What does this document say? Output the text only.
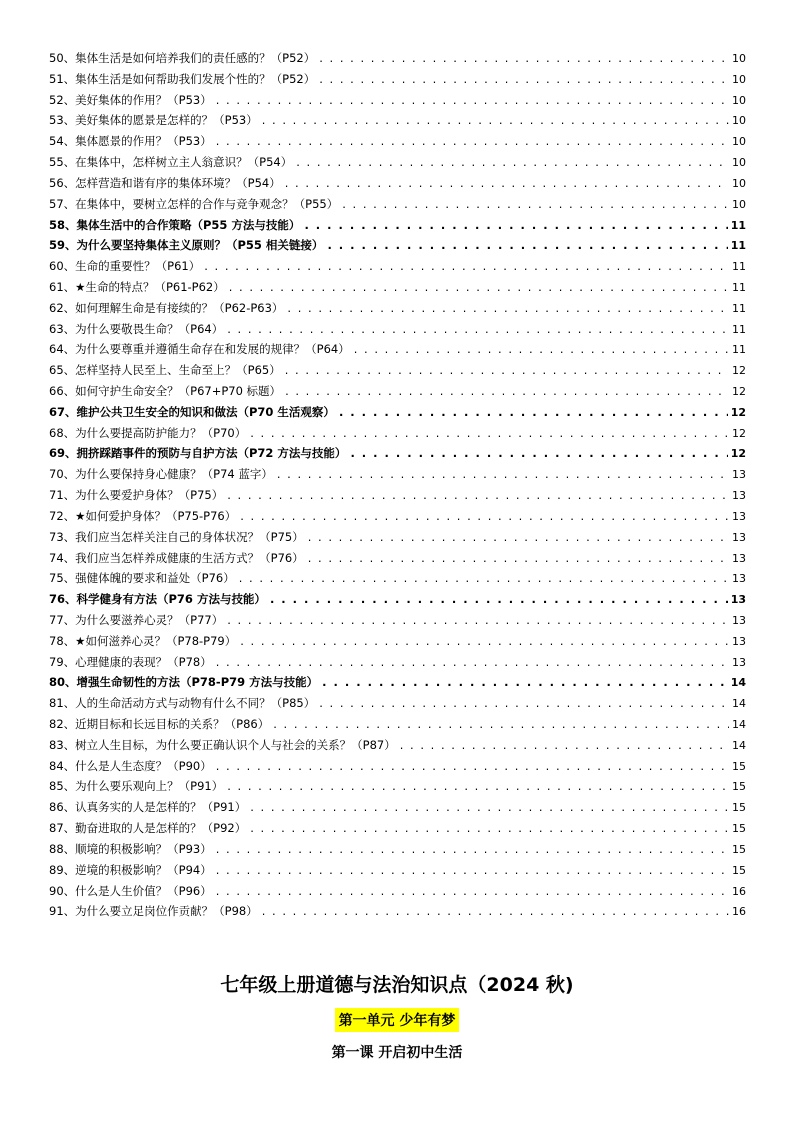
50、集体生活是如何培养我们的责任感的？（P52） . . .	10
51、集体生活是如何帮助我们发展个性的？（P52） . . .	10
52、美好集体的作用？（P53） . . .	10
53、美好集体的愿景是怎样的？（P53） . . .	10
54、集体愿景的作用？（P53） . . .	10
55、在集体中，怎样树立主人翁意识？（P54） . . .	10
56、怎样营造和谐有序的集体环境？（P54） . . .	10
57、在集体中，要树立怎样的合作与竞争观念？（P55） . . .	10
58、集体生活中的合作策略（P55 方法与技能） . . .	11
59、为什么要坚持集体主义原则？（P55 相关链接） . . .	11
60、生命的重要性？（P61） . . .	11
61、★生命的特点？（P61-P62） . . .	11
62、如何理解生命是有接续的？（P62-P63） . . .	11
63、为什么要敬畏生命？（P64） . . .	11
64、为什么要尊重并遵循生命存在和发展的规律？（P64） . . .	11
65、怎样坚持人民至上、生命至上？（P65） . . .	12
66、如何守护生命安全？（P67+P70 标题） . . .	12
67、维护公共卫生安全的知识和做法（P70 生活观察） . . .	12
68、为什么要提高防护能力？（P70） . . .	12
69、拥挤踩踏事件的预防与自护方法（P72 方法与技能） . . .	12
70、为什么要保持身心健康？（P74 蓝字） . . .	13
71、为什么要爱护身体？（P75） . . .	13
72、★如何爱护身体？（P75-P76） . . .	13
73、我们应当怎样关注自己的身体状况？（P75） . . .	13
74、我们应当怎样养成健康的生活方式？（P76） . . .	13
75、强健体魄的要求和益处（P76） . . .	13
76、科学健身有方法（P76 方法与技能） . . .	13
77、为什么要滋养心灵？（P77） . . .	13
78、★如何滋养心灵？（P78-P79） . . .	13
79、心理健康的表现？（P78） . . .	13
80、增强生命韧性的方法（P78-P79 方法与技能） . . .	14
81、人的生命活动方式与动物有什么不同？（P85） . . .	14
82、近期目标和长远目标的关系？（P86） . . .	14
83、树立人生目标，为什么要正确认识个人与社会的关系？（P87） . . .	14
84、什么是人生态度？（P90） . . .	15
85、为什么要乐观向上？（P91） . . .	15
86、认真务实的人是怎样的？（P91） . . .	15
87、勤奋进取的人是怎样的？（P92） . . .	15
88、顺境的积极影响？（P93） . . .	15
89、逆境的积极影响？（P94） . . .	15
90、什么是人生价值？（P96） . . .	16
91、为什么要立足岗位作贡献？（P98） . . .	16
七年级上册道德与法治知识点（2024 秋)
第一单元 少年有梦
第一课 开启初中生活
